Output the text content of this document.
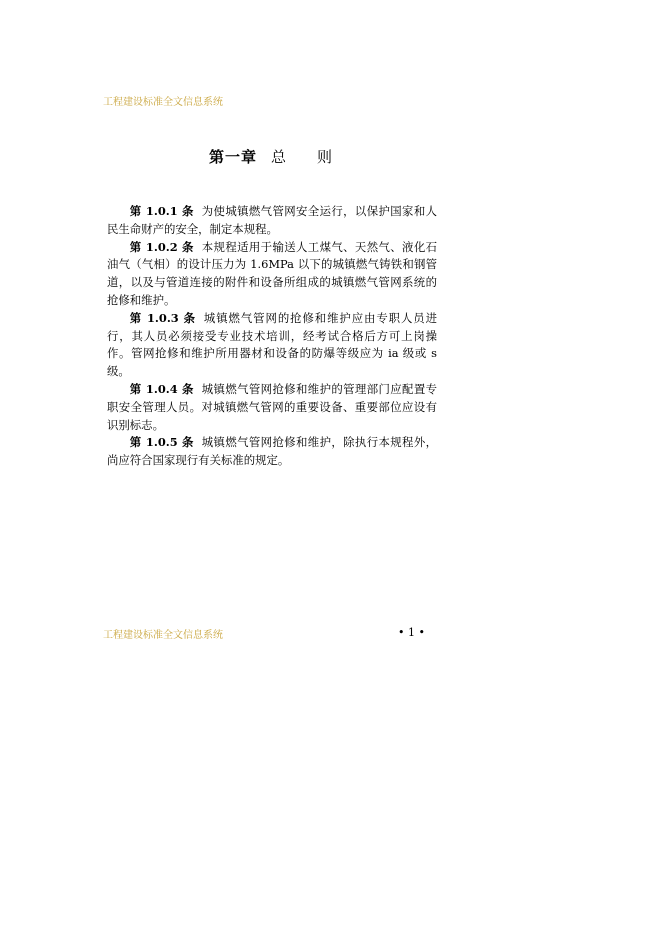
工程建设标准全文信息系统
第一章 总 则

第 1.0.1 条 为使城镇燃气管网安全运行，以保护国家和人民生命财产的安全，制定本规程。

第 1.0.2 条 本规程适用于输送人工煤气、天然气、液化石油气（气相）的设计压力为 1.6MPa 以下的城镇燃气铸铁和钢管道，以及与管道连接的附件和设备所组成的城镇燃气管网系统的抢修和维护。

第 1.0.3 条 城镇燃气管网的抢修和维护应由专职人员进行，其人员必须接受专业技术培训，经考试合格后方可上岗操作。管网抢修和维护所用器材和设备的防爆等级应为 ia 级或 s 级。

第 1.0.4 条 城镇燃气管网抢修和维护的管理部门应配置专职安全管理人员。对城镇燃气管网的重要设备、重要部位应设有识别标志。

第 1.0.5 条 城镇燃气管网抢修和维护，除执行本规程外，尚应符合国家现行有关标准的规定。

工程建设标准全文信息系统	• 1 •
